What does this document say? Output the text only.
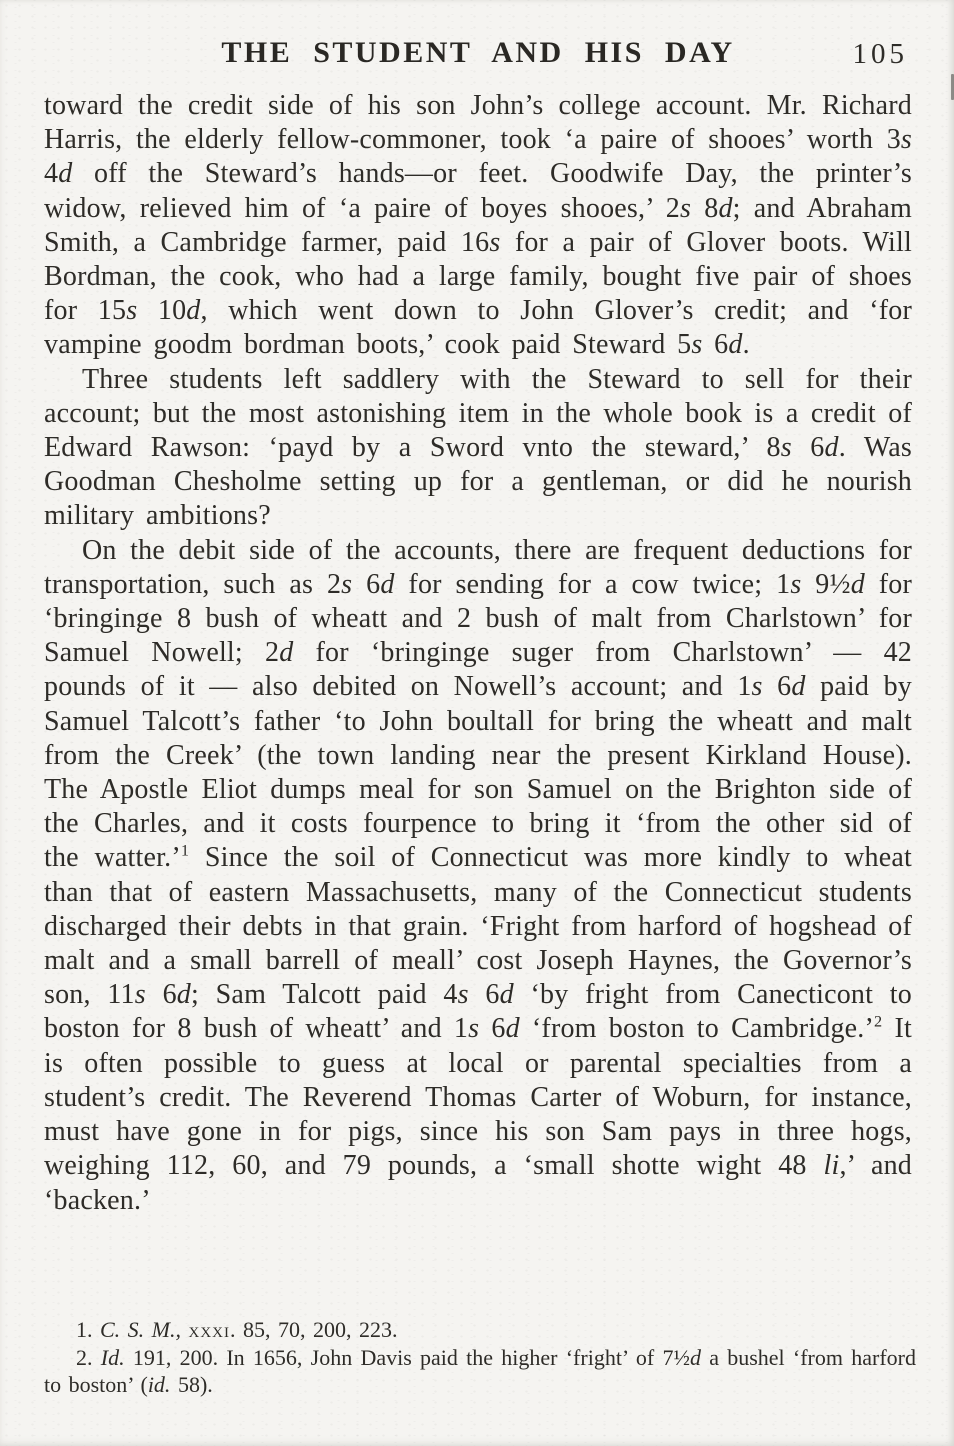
THE STUDENT AND HIS DAY	105

toward the credit side of his son John’s college account. Mr. Richard Harris, the elderly fellow-commoner, took ‘a paire of shooes’ worth 3s 4d off the Steward’s hands—or feet. Goodwife Day, the printer’s widow, relieved him of ‘a paire of boyes shooes,’ 2s 8d; and Abraham Smith, a Cambridge farmer, paid 16s for a pair of Glover boots. Will Bordman, the cook, who had a large family, bought five pair of shoes for 15s 10d, which went down to John Glover’s credit; and ‘for vampine goodm bordman boots,’ cook paid Steward 5s 6d.

Three students left saddlery with the Steward to sell for their account; but the most astonishing item in the whole book is a credit of Edward Rawson: ‘payd by a Sword vnto the steward,’ 8s 6d. Was Goodman Chesholme setting up for a gentleman, or did he nourish military ambitions?

On the debit side of the accounts, there are frequent deductions for transportation, such as 2s 6d for sending for a cow twice; 1s 9½d for ‘bringinge 8 bush of wheatt and 2 bush of malt from Charlstown’ for Samuel Nowell; 2d for ‘bringinge suger from Charlstown’ — 42 pounds of it — also debited on Nowell’s account; and 1s 6d paid by Samuel Talcott’s father ‘to John boultall for bring the wheatt and malt from the Creek’ (the town landing near the present Kirkland House). The Apostle Eliot dumps meal for son Samuel on the Brighton side of the Charles, and it costs fourpence to bring it ‘from the other sid of the watter.’$^1$ Since the soil of Connecticut was more kindly to wheat than that of eastern Massachusetts, many of the Connecticut students discharged their debts in that grain. ‘Fright from harford of hogshead of malt and a small barrell of meall’ cost Joseph Haynes, the Governor’s son, 11s 6d; Sam Talcott paid 4s 6d ‘by fright from Canecticont to boston for 8 bush of wheatt’ and 1s 6d ‘from boston to Cambridge.’$^2$ It is often possible to guess at local or parental specialties from a student’s credit. The Reverend Thomas Carter of Woburn, for instance, must have gone in for pigs, since his son Sam pays in three hogs, weighing 112, 60, and 79 pounds, a ‘small shotte wight 48 li,’ and ‘backen.’

1. C. S. M., xxxi. 85, 70, 200, 223.

2. Id. 191, 200. In 1656, John Davis paid the higher ‘fright’ of 7½d a bushel ‘from harford to boston’ (id. 58).
